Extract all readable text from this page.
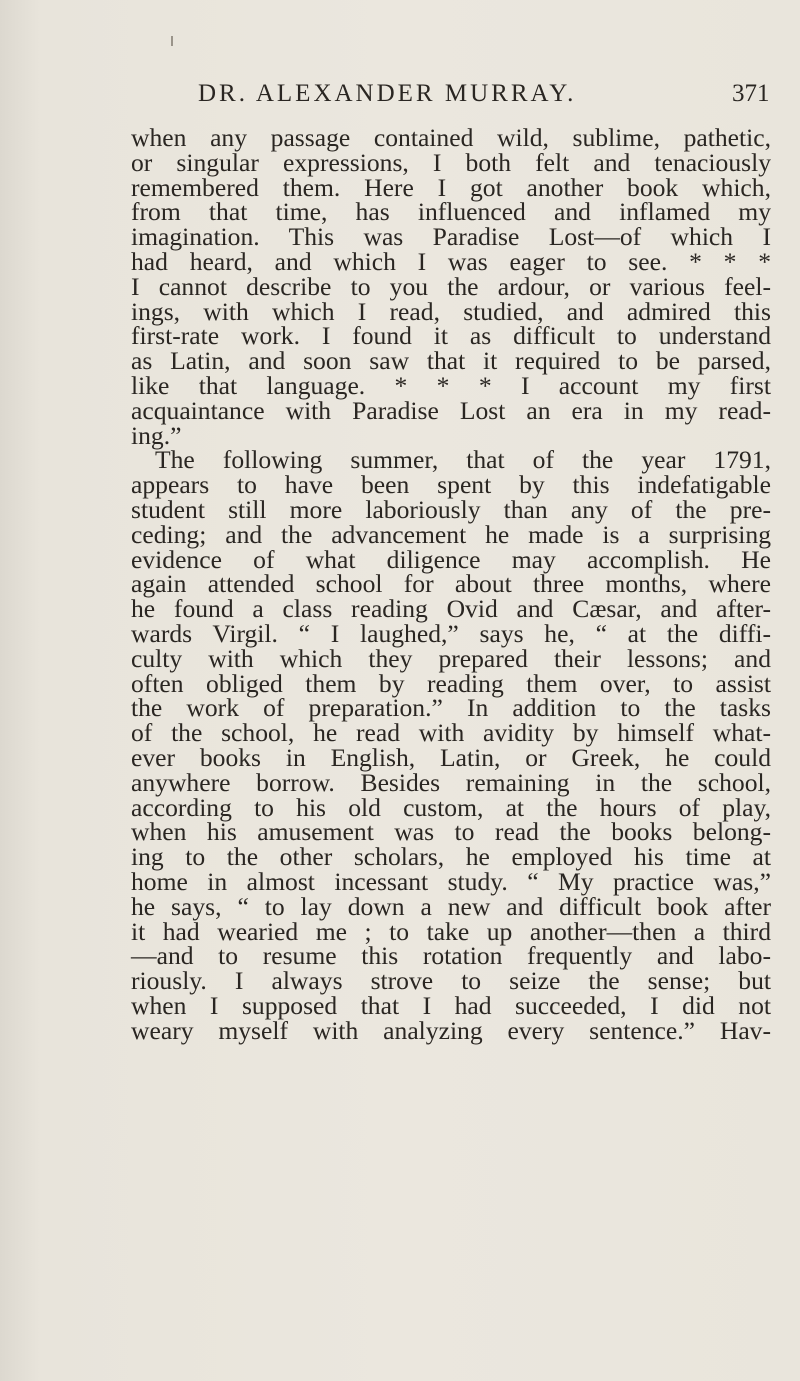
DR. ALEXANDER MURRAY.	371
when any passage contained wild, sublime, pathetic,
or singular expressions, I both felt and tenaciously
remembered them. Here I got another book which,
from that time, has influenced and inflamed my
imagination. This was Paradise Lost—of which I
had heard, and which I was eager to see. * * *
I cannot describe to you the ardour, or various feel-
ings, with which I read, studied, and admired this
first-rate work. I found it as difficult to understand
as Latin, and soon saw that it required to be parsed,
like that language. * * * I account my first
acquaintance with Paradise Lost an era in my read-
ing.”
The following summer, that of the year 1791,
appears to have been spent by this indefatigable
student still more laboriously than any of the pre-
ceding; and the advancement he made is a surprising
evidence of what diligence may accomplish. He
again attended school for about three months, where
he found a class reading Ovid and Cæsar, and after-
wards Virgil. “ I laughed,” says he, “ at the diffi-
culty with which they prepared their lessons; and
often obliged them by reading them over, to assist
the work of preparation.” In addition to the tasks
of the school, he read with avidity by himself what-
ever books in English, Latin, or Greek, he could
anywhere borrow. Besides remaining in the school,
according to his old custom, at the hours of play,
when his amusement was to read the books belong-
ing to the other scholars, he employed his time at
home in almost incessant study. “ My practice was,”
he says, “ to lay down a new and difficult book after
it had wearied me ; to take up another—then a third
—and to resume this rotation frequently and labo-
riously. I always strove to seize the sense; but
when I supposed that I had succeeded, I did not
weary myself with analyzing every sentence.” Hav-
